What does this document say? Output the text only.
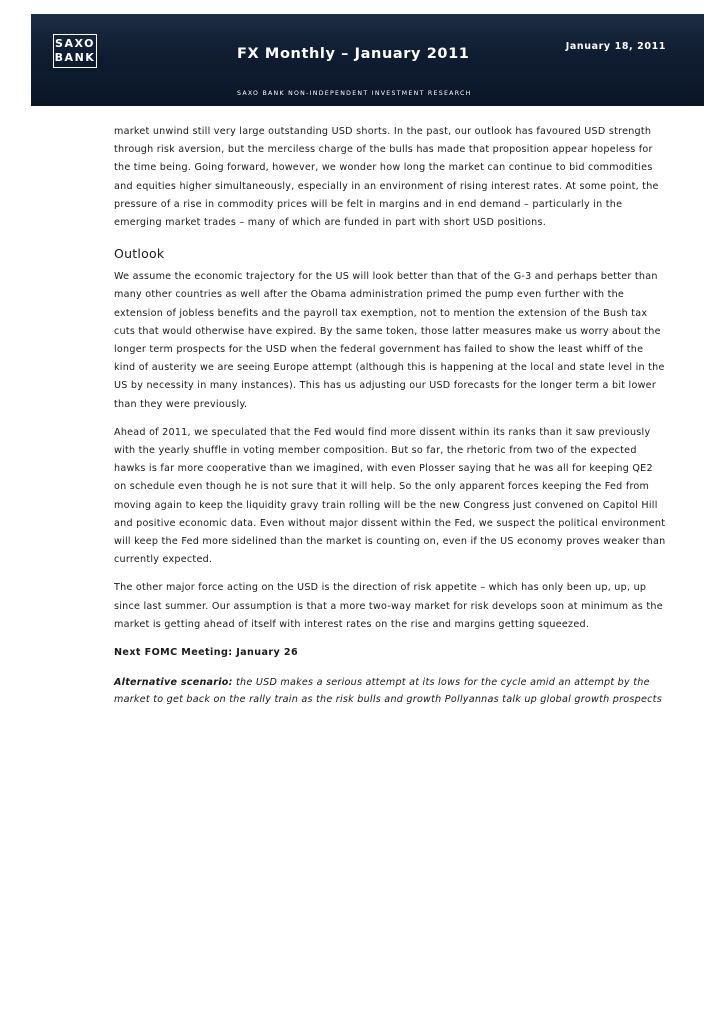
SAXO
BANK	FX Monthly – January 2011	January 18, 2011
SAXO BANK NON-INDEPENDENT INVESTMENT RESEARCH

market unwind still very large outstanding USD shorts. In the past, our outlook has favoured USD strength through risk aversion, but the merciless charge of the bulls has made that proposition appear hopeless for the time being. Going forward, however, we wonder how long the market can continue to bid commodities and equities higher simultaneously, especially in an environment of rising interest rates. At some point, the pressure of a rise in commodity prices will be felt in margins and in end demand – particularly in the emerging market trades – many of which are funded in part with short USD positions.

Outlook

We assume the economic trajectory for the US will look better than that of the G-3 and perhaps better than many other countries as well after the Obama administration primed the pump even further with the extension of jobless benefits and the payroll tax exemption, not to mention the extension of the Bush tax cuts that would otherwise have expired. By the same token, those latter measures make us worry about the longer term prospects for the USD when the federal government has failed to show the least whiff of the kind of austerity we are seeing Europe attempt (although this is happening at the local and state level in the US by necessity in many instances). This has us adjusting our USD forecasts for the longer term a bit lower than they were previously.

Ahead of 2011, we speculated that the Fed would find more dissent within its ranks than it saw previously with the yearly shuffle in voting member composition. But so far, the rhetoric from two of the expected hawks is far more cooperative than we imagined, with even Plosser saying that he was all for keeping QE2 on schedule even though he is not sure that it will help. So the only apparent forces keeping the Fed from moving again to keep the liquidity gravy train rolling will be the new Congress just convened on Capitol Hill and positive economic data. Even without major dissent within the Fed, we suspect the political environment will keep the Fed more sidelined than the market is counting on, even if the US economy proves weaker than currently expected.

The other major force acting on the USD is the direction of risk appetite – which has only been up, up, up since last summer. Our assumption is that a more two-way market for risk develops soon at minimum as the market is getting ahead of itself with interest rates on the rise and margins getting squeezed.

Next FOMC Meeting: January 26

Alternative scenario: the USD makes a serious attempt at its lows for the cycle amid an attempt by the market to get back on the rally train as the risk bulls and growth Pollyannas talk up global growth prospects
